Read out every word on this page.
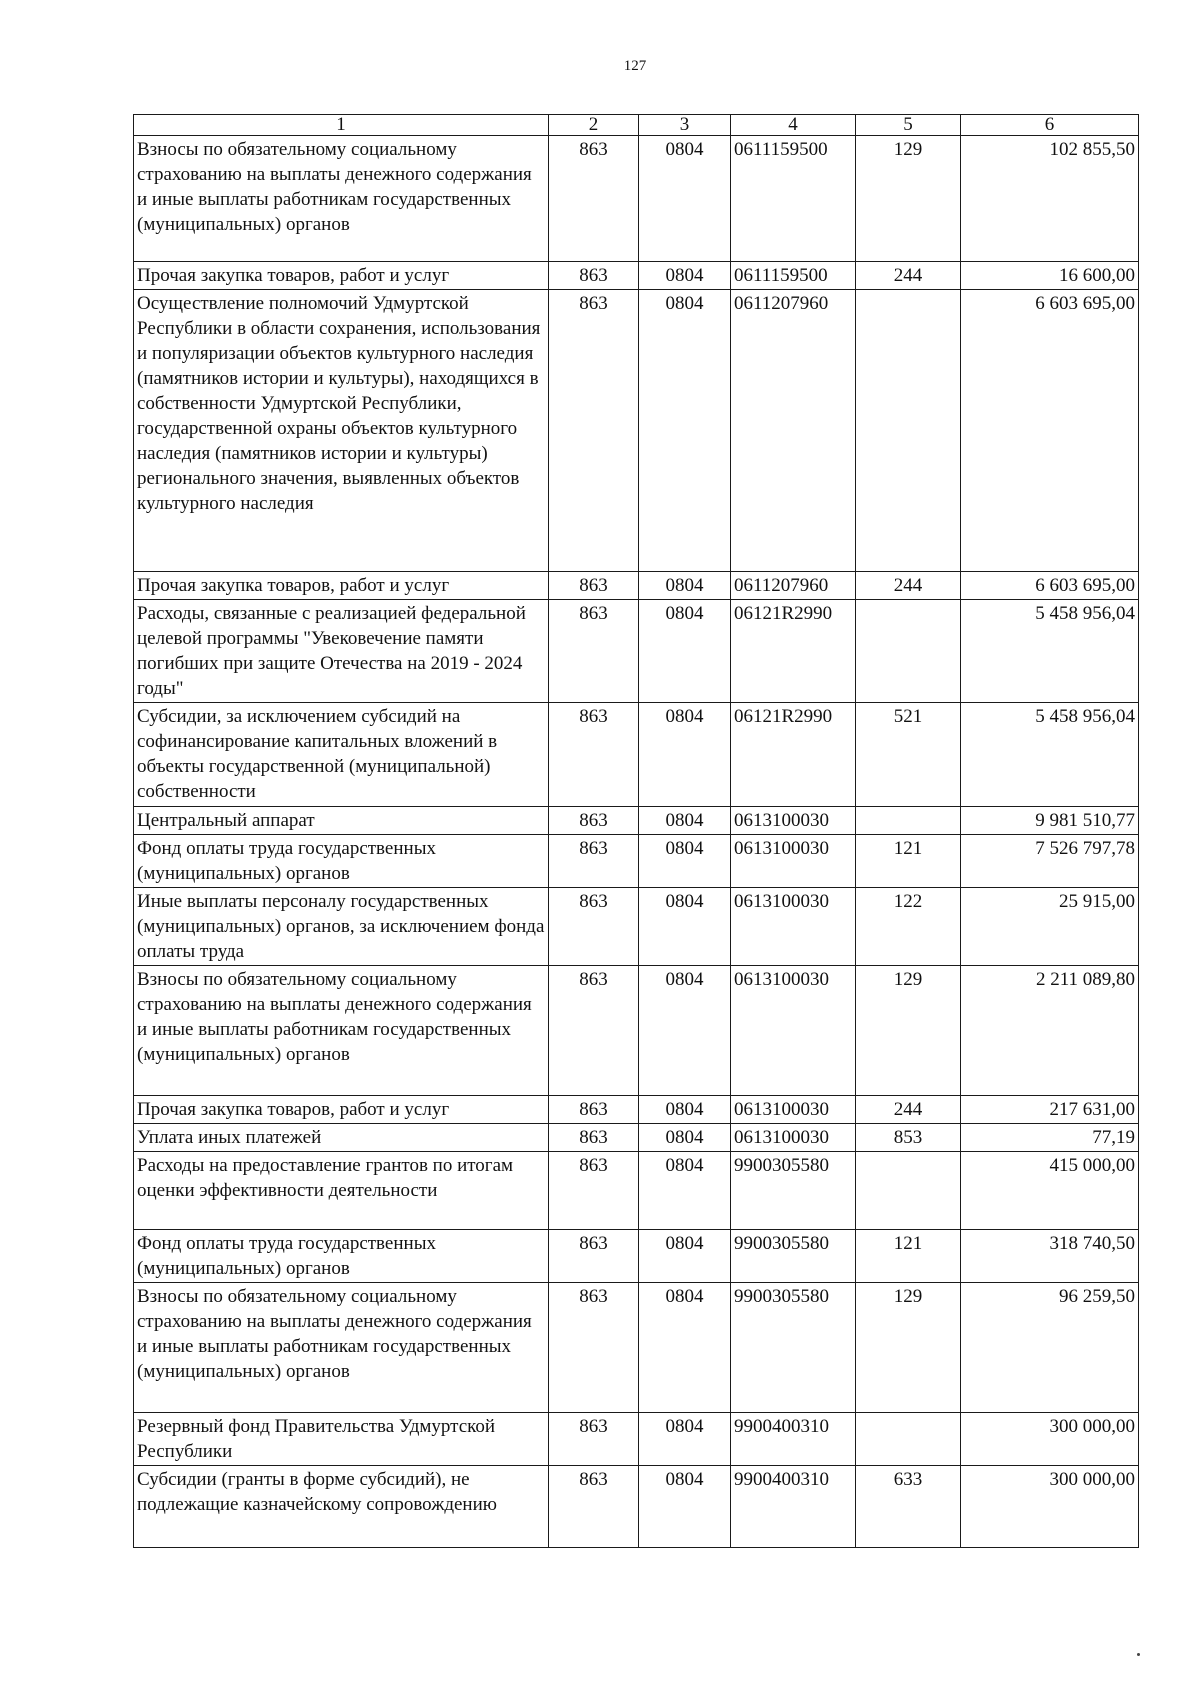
127
1	2	3	4	5	6
Взносы по обязательному социальному страхованию на выплаты денежного содержания и иные выплаты работникам государственных (муниципальных) органов	863	0804	0611159500	129	102 855,50
Прочая закупка товаров, работ и услуг	863	0804	0611159500	244	16 600,00
Осуществление полномочий Удмуртской Республики в области сохранения, использования и популяризации объектов культурного наследия (памятников истории и культуры), находящихся в собственности Удмуртской Республики, государственной охраны объектов культурного наследия (памятников истории и культуры) регионального значения, выявленных объектов культурного наследия	863	0804	0611207960		6 603 695,00
Прочая закупка товаров, работ и услуг	863	0804	0611207960	244	6 603 695,00
Расходы, связанные с реализацией федеральной целевой программы "Увековечение памяти погибших при защите Отечества на 2019 - 2024 годы"	863	0804	06121R2990		5 458 956,04
Субсидии, за исключением субсидий на софинансирование капитальных вложений в объекты государственной (муниципальной) собственности	863	0804	06121R2990	521	5 458 956,04
Центральный аппарат	863	0804	0613100030		9 981 510,77
Фонд оплаты труда государственных (муниципальных) органов	863	0804	0613100030	121	7 526 797,78
Иные выплаты персоналу государственных (муниципальных) органов, за исключением фонда оплаты труда	863	0804	0613100030	122	25 915,00
Взносы по обязательному социальному страхованию на выплаты денежного содержания и иные выплаты работникам государственных (муниципальных) органов	863	0804	0613100030	129	2 211 089,80
Прочая закупка товаров, работ и услуг	863	0804	0613100030	244	217 631,00
Уплата иных платежей	863	0804	0613100030	853	77,19
Расходы на предоставление грантов по итогам оценки эффективности деятельности	863	0804	9900305580		415 000,00
Фонд оплаты труда государственных (муниципальных) органов	863	0804	9900305580	121	318 740,50
Взносы по обязательному социальному страхованию на выплаты денежного содержания и иные выплаты работникам государственных (муниципальных) органов	863	0804	9900305580	129	96 259,50
Резервный фонд Правительства Удмуртской Республики	863	0804	9900400310		300 000,00
Субсидии (гранты в форме субсидий), не подлежащие казначейскому сопровождению	863	0804	9900400310	633	300 000,00
